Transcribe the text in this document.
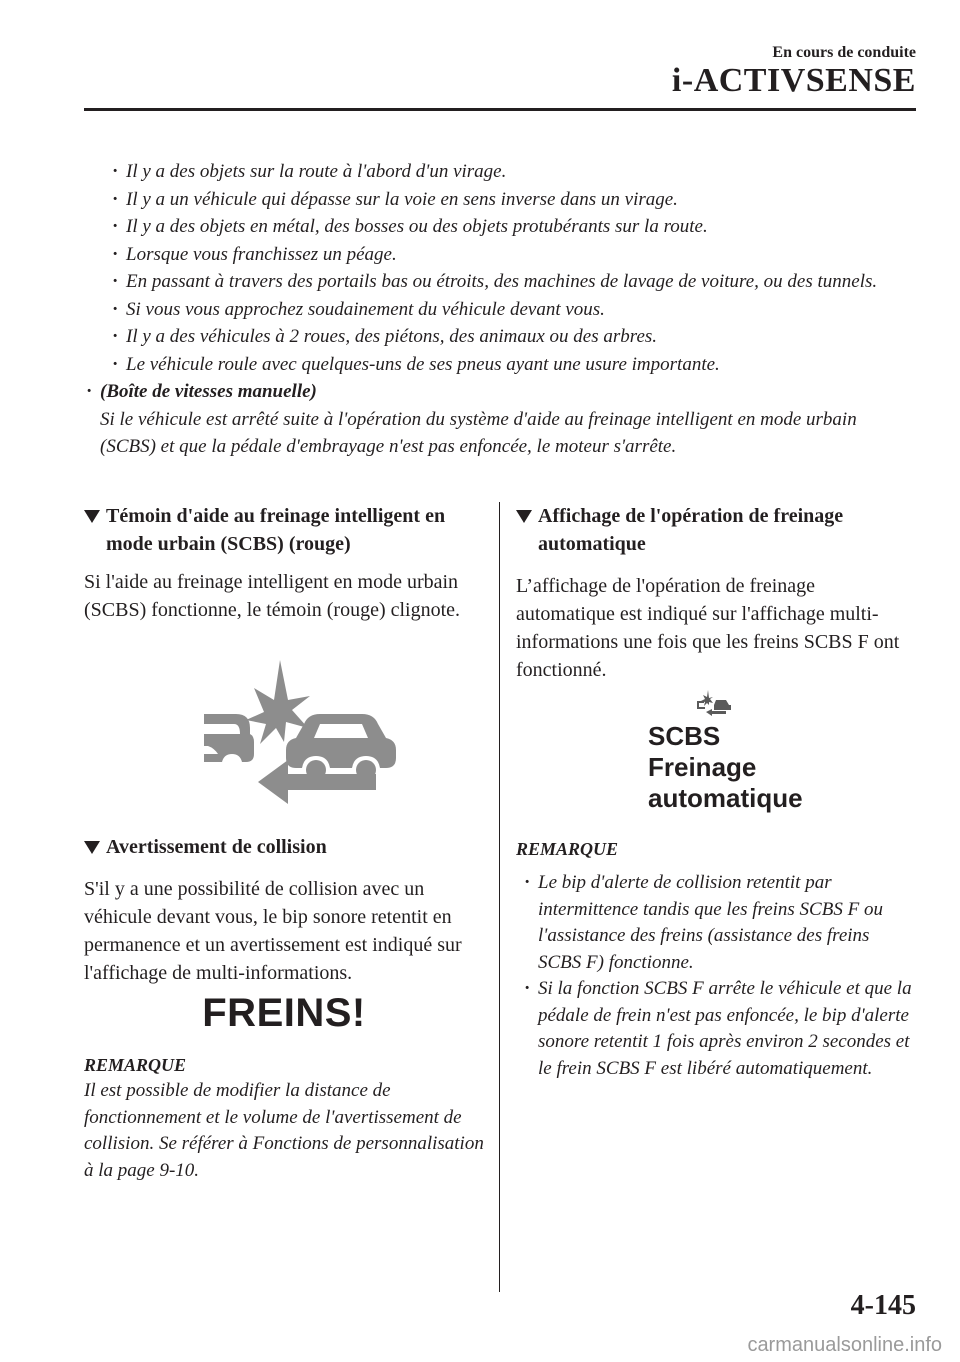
En cours de conduite
i-ACTIVSENSE
· Il y a des objets sur la route à l'abord d'un virage.
· Il y a un véhicule qui dépasse sur la voie en sens inverse dans un virage.
· Il y a des objets en métal, des bosses ou des objets protubérants sur la route.
· Lorsque vous franchissez un péage.
· En passant à travers des portails bas ou étroits, des machines de lavage de voiture, ou des tunnels.
· Si vous vous approchez soudainement du véhicule devant vous.
· Il y a des véhicules à 2 roues, des piétons, des animaux ou des arbres.
· Le véhicule roule avec quelques-uns de ses pneus ayant une usure importante.
· (Boîte de vitesses manuelle)
Si le véhicule est arrêté suite à l'opération du système d'aide au freinage intelligent en mode urbain (SCBS) et que la pédale d'embrayage n'est pas enfoncée, le moteur s'arrête.
Témoin d'aide au freinage intelligent en mode urbain (SCBS) (rouge)

Si l'aide au freinage intelligent en mode urbain (SCBS) fonctionne, le témoin (rouge) clignote.

Avertissement de collision

S'il y a une possibilité de collision avec un véhicule devant vous, le bip sonore retentit en permanence et un avertissement est indiqué sur l'affichage de multi-informations.

FREINS!
REMARQUE
Il est possible de modifier la distance de fonctionnement et le volume de l'avertissement de collision. Se référer à Fonctions de personnalisation à la page 9-10.
Affichage de l'opération de freinage automatique

L’affichage de l'opération de freinage automatique est indiqué sur l'affichage multi-informations une fois que les freins SCBS F ont fonctionné.

SCBS
Freinage
automatique
REMARQUE
· Le bip d'alerte de collision retentit par intermittence tandis que les freins SCBS F ou l'assistance des freins (assistance des freins SCBS F) fonctionne.
· Si la fonction SCBS F arrête le véhicule et que la pédale de frein n'est pas enfoncée, le bip d'alerte sonore retentit 1 fois après environ 2 secondes et le frein SCBS F est libéré automatiquement.
4-145
carmanualsonline.info
